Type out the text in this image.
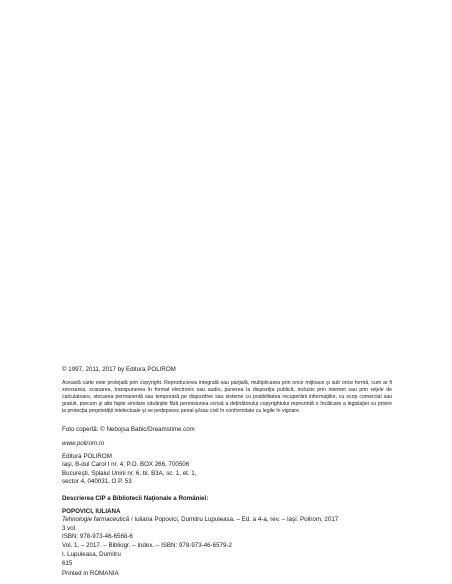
© 1997, 2011, 2017 by Editura POLIROM
Această carte este protejată prin copyright. Reproducerea integrală sau parţială, multiplicarea prin orice mijloace şi sub orice formă, cum ar fi xeroxarea, scanarea, transpunerea în format electronic sau audio, punerea la dispoziţia publică, inclusiv prin internet sau prin reţele de calculatoare, stocarea permanentă sau temporară pe dispozitive sau sisteme cu posibilitatea recuperării informaţiilor, cu scop comercial sau gratuit, precum şi alte fapte similare săvârşite fără permisiunea scrisă a deţinătorului copyrightului reprezintă o încălcare a legislaţiei cu privire la protecţia proprietăţii intelectuale şi se pedepsesc penal şi/sau civil în conformitate cu legile în vigoare.
Foto copertă: © Nebojsa Babic/Dreamstime.com
www.polirom.ro
Editura POLIROM
Iaşi, B-dul Carol I nr. 4; P.O. BOX 266, 700506
Bucureşti, Splaiul Unirii nr. 6, bl. B3A, sc. 1, et. 1,
sector 4, 040031, O.P. 53
Descrierea CIP a Bibliotecii Naţionale a României:
POPOVICI, IULIANA
Tehnologie farmaceutică / Iuliana Popovici, Dumitru Lupuleasa. – Ed. a 4-a, rev. – Iaşi: Polirom, 2017
3 vol.
ISBN: 978-973-46-6568-6
Vol. 1. – 2017. – Bibliogr. – Index. – ISBN: 978-973-46-6579-2
I. Lupuleasa, Dumitru
615
Printed in ROMANIA
